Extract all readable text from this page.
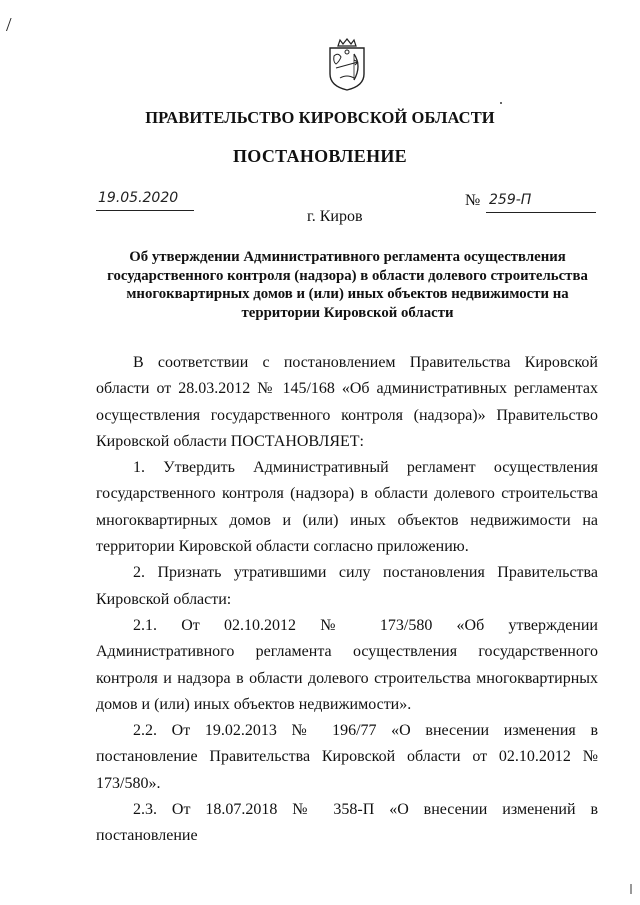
/
ПРАВИТЕЛЬСТВО КИРОВСКОЙ ОБЛАСТИ
ПОСТАНОВЛЕНИЕ
19.05.2020	№ 259-П
г. Киров
Об утверждении Административного регламента осуществления государственного контроля (надзора) в области долевого строительства многоквартирных домов и (или) иных объектов недвижимости на территории Кировской области

В соответствии с постановлением Правительства Кировской области от 28.03.2012 № 145/168 «Об административных регламентах осуществления государственного контроля (надзора)» Правительство Кировской области ПОСТАНОВЛЯЕТ:

1. Утвердить Административный регламент осуществления государственного контроля (надзора) в области долевого строительства многоквартирных домов и (или) иных объектов недвижимости на территории Кировской области согласно приложению.

2. Признать утратившими силу постановления Правительства Кировской области:

2.1. От 02.10.2012 № 173/580 «Об утверждении Административного регламента осуществления государственного контроля и надзора в области долевого строительства многоквартирных домов и (или) иных объектов недвижимости».

2.2. От 19.02.2013 № 196/77 «О внесении изменения в постановление Правительства Кировской области от 02.10.2012 № 173/580».

2.3. От 18.07.2018 № 358-П «О внесении изменений в постановление
